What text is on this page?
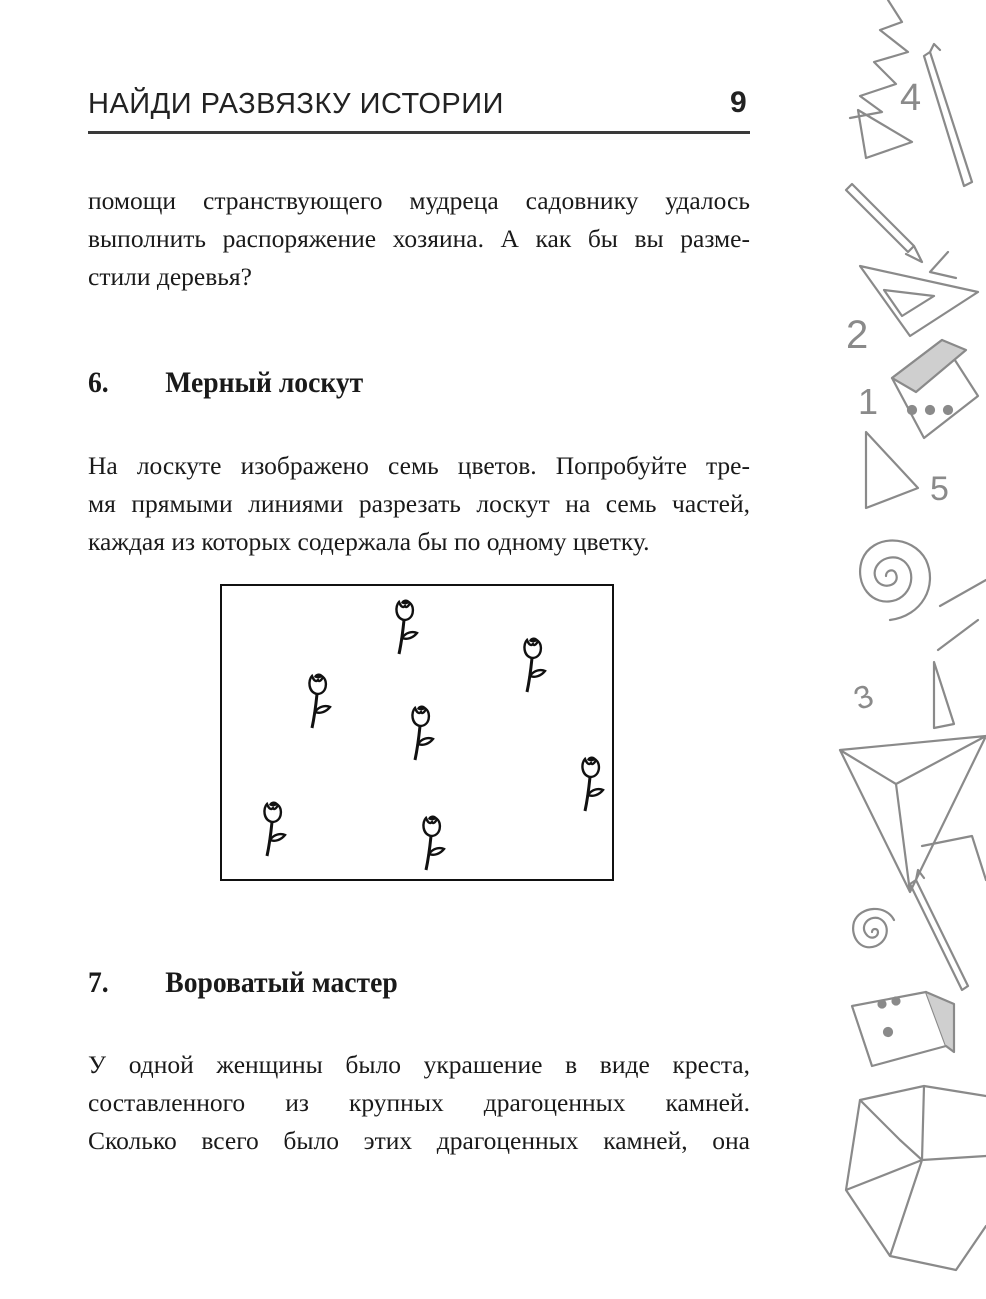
НАЙДИ РАЗВЯЗКУ ИСТОРИИ	9

помощи странствующего мудреца садовнику удалось
выполнить распоряжение хозяина. А как бы вы разме-
стили деревья?

6. Мерный лоскут

На лоскуте изображено семь цветов. Попробуйте тре-
мя прямыми линиями разрезать лоскут на семь частей,
каждая из которых содержала бы по одному цветку.

7. Вороватый мастер

У одной женщины было украшение в виде креста,
составленного из крупных драгоценных камней.
Сколько всего было этих драгоценных камней, она

4
2
1
5
3
